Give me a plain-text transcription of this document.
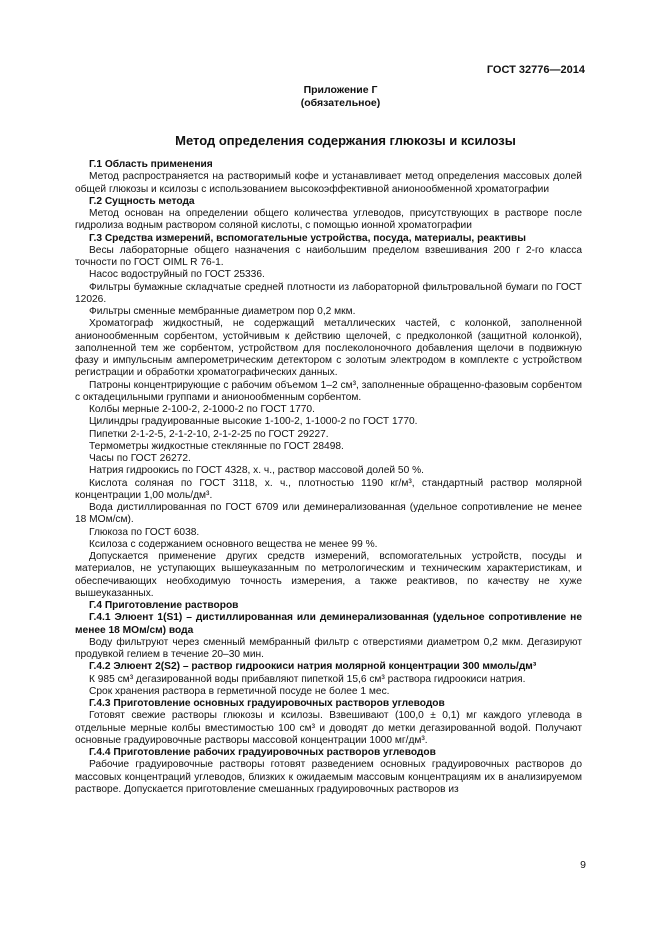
ГОСТ 32776—2014
Приложение Г
(обязательное)
Метод определения содержания глюкозы и ксилозы

Г.1 Область применения

Метод распространяется на растворимый кофе и устанавливает метод определения массовых долей общей глюкозы и ксилозы с использованием высокоэффективной анионообменной хроматографии

Г.2 Сущность метода

Метод основан на определении общего количества углеводов, присутствующих в растворе после гидролиза водным раствором соляной кислоты, с помощью ионной хроматографии

Г.3 Средства измерений, вспомогательные устройства, посуда, материалы, реактивы

Весы лабораторные общего назначения с наибольшим пределом взвешивания 200 г 2-го класса точности по ГОСТ OIML R 76-1.

Насос водоструйный по ГОСТ 25336.

Фильтры бумажные складчатые средней плотности из лабораторной фильтровальной бумаги по ГОСТ 12026.

Фильтры сменные мембранные диаметром пор 0,2 мкм.

Хроматограф жидкостный, не содержащий металлических частей, с колонкой, заполненной анионообменным сорбентом, устойчивым к действию щелочей, с предколонкой (защитной колонкой), заполненной тем же сорбентом, устройством для послеколоночного добавления щелочи в подвижную фазу и импульсным амперометрическим детектором с золотым электродом в комплекте с устройством регистрации и обработки хроматографических данных.

Патроны концентрирующие с рабочим объемом 1–2 см³, заполненные обращенно-фазовым сорбентом с октадецильными группами и анионообменным сорбентом.

Колбы мерные 2-100-2, 2-1000-2 по ГОСТ 1770.

Цилиндры градуированные высокие 1-100-2, 1-1000-2 по ГОСТ 1770.

Пипетки 2-1-2-5, 2-1-2-10, 2-1-2-25 по ГОСТ 29227.

Термометры жидкостные стеклянные по ГОСТ 28498.

Часы по ГОСТ 26272.

Натрия гидроокись по ГОСТ 4328, х. ч., раствор массовой долей 50 %.

Кислота соляная по ГОСТ 3118, х. ч., плотностью 1190 кг/м³, стандартный раствор молярной концентрации 1,00 моль/дм³.

Вода дистиллированная по ГОСТ 6709 или деминерализованная (удельное сопротивление не менее 18 МОм/см).

Глюкоза по ГОСТ 6038.

Ксилоза с содержанием основного вещества не менее 99 %.

Допускается применение других средств измерений, вспомогательных устройств, посуды и материалов, не уступающих вышеуказанным по метрологическим и техническим характеристикам, и обеспечивающих необходимую точность измерения, а также реактивов, по качеству не хуже вышеуказанных.

Г.4 Приготовление растворов

Г.4.1 Элюент 1(S1) – дистиллированная или деминерализованная (удельное сопротивление не менее 18 МОм/см) вода

Воду фильтруют через сменный мембранный фильтр с отверстиями диаметром 0,2 мкм. Дегазируют продувкой гелием в течение 20–30 мин.

Г.4.2 Элюент 2(S2) – раствор гидроокиси натрия молярной концентрации 300 ммоль/дм³

К 985 см³ дегазированной воды прибавляют пипеткой 15,6 см³ раствора гидроокиси натрия.

Срок хранения раствора в герметичной посуде не более 1 мес.

Г.4.3 Приготовление основных градуировочных растворов углеводов

Готовят свежие растворы глюкозы и ксилозы. Взвешивают (100,0 ± 0,1) мг каждого углевода в отдельные мерные колбы вместимостью 100 см³ и доводят до метки дегазированной водой. Получают основные градуировочные растворы массовой концентрации 1000 мг/дм³.

Г.4.4 Приготовление рабочих градуировочных растворов углеводов

Рабочие градуировочные растворы готовят разведением основных градуировочных растворов до массовых концентраций углеводов, близких к ожидаемым массовым концентрациям их в анализируемом растворе. Допускается приготовление смешанных градуировочных растворов из

9
